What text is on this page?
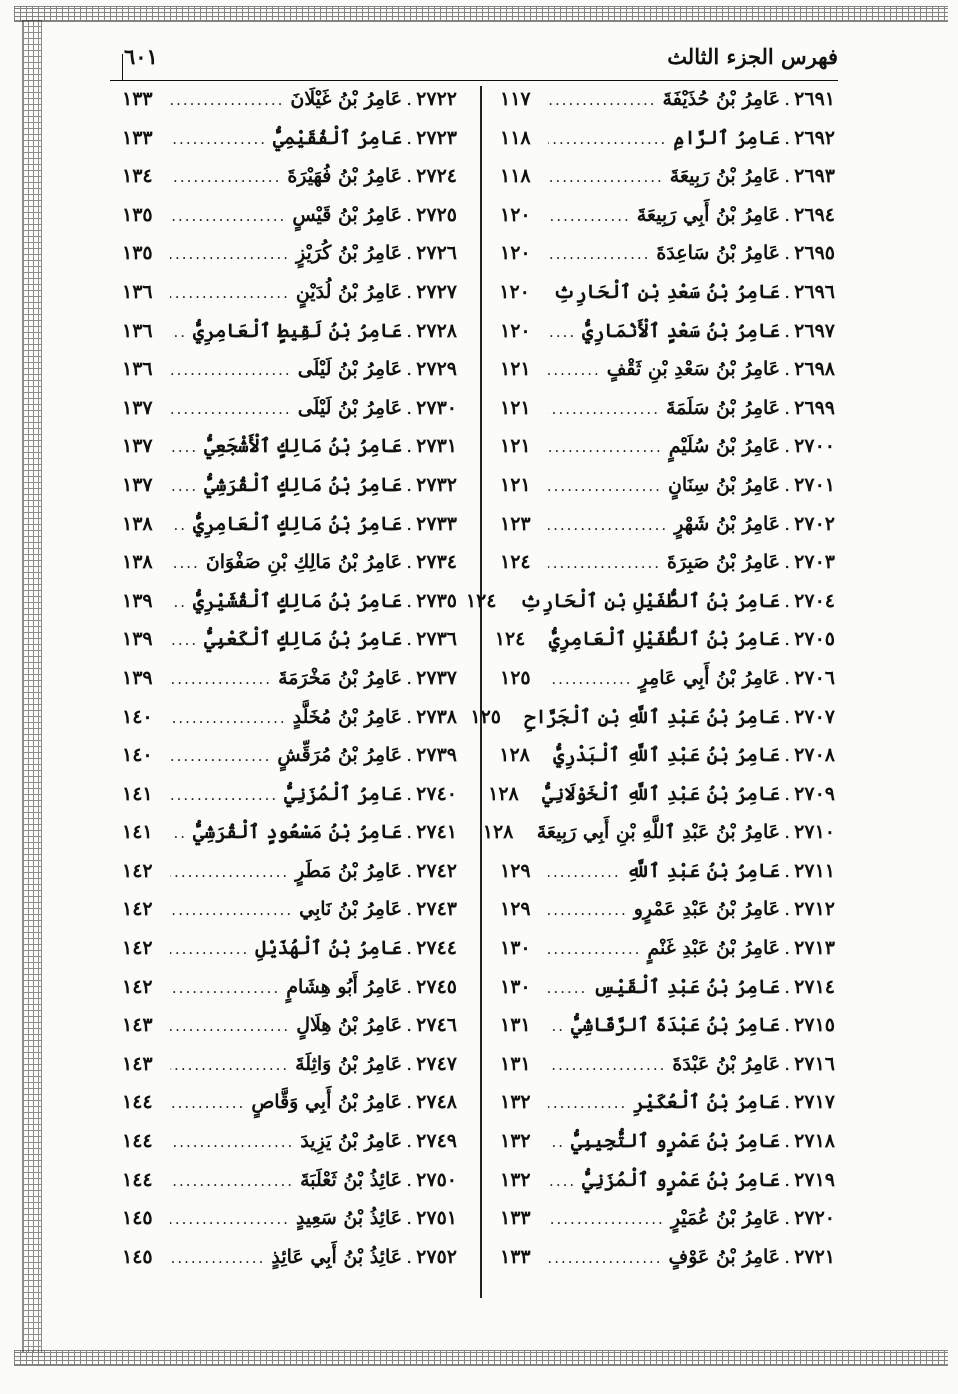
فهرس الجزء الثالث
٦٠١
٢٦٩١
.
عَامِرُ بْنُ حُذَيْفَةَ
.....
١١٧
٢٦٩٢
.
عَامِرُ ٱلرَّامِ
.....
١١٨
٢٦٩٣
.
عَامِرُ بْنُ رَبِيعَةَ
.....
١١٨
٢٦٩٤
.
عَامِرُ بْنُ أَبِي رَبِيعَةَ
.....
١٢٠
٢٦٩٥
.
عَامِرُ بْنُ سَاعِدَةَ
.....
١٢٠
٢٦٩٦
.
عَامِرُ بْنُ سَعْدِ بْنِ ٱلْحَارِثِ
١٢٠
٢٦٩٧
.
عَامِرُ بْنُ سَعْدٍ ٱلْأَنْمَارِيُّ
.....
١٢٠
٢٦٩٨
.
عَامِرُ بْنُ سَعْدِ بْنِ ثَقْفٍ
.....
١٢١
٢٦٩٩
.
عَامِرُ بْنُ سَلَمَةَ
.....
١٢١
٢٧٠٠
.
عَامِرُ بْنُ سُلَيْمٍ
.....
١٢١
٢٧٠١
.
عَامِرُ بْنُ سِنَانٍ
.....
١٢١
٢٧٠٢
.
عَامِرُ بْنُ شَهْرٍ
.....
١٢٣
٢٧٠٣
.
عَامِرُ بْنُ صَبِرَةَ
.....
١٢٤
٢٧٠٤
.
عَامِرُ بْنُ ٱلطُّفَيْلِ بْنِ ٱلْحَارِثِ
١٢٤
٢٧٠٥
.
عَامِرُ بْنُ ٱلطُّفَيْلِ ٱلْعَامِرِيُّ
١٢٤
٢٧٠٦
.
عَامِرُ بْنُ أَبِي عَامِرٍ
.....
١٢٥
٢٧٠٧
.
عَامِرُ بْنُ عَبْدِ ٱللَّهِ بْنِ ٱلْجَرَّاحِ
١٢٥
٢٧٠٨
.
عَامِرُ بْنُ عَبْدِ ٱللَّهِ ٱلْبَدْرِيُّ
١٢٨
٢٧٠٩
.
عَامِرُ بْنُ عَبْدِ ٱللَّهِ ٱلْخَوْلَانِيُّ
١٢٨
٢٧١٠
.
عَامِرُ بْنُ عَبْدِ ٱللَّهِ بْنِ أَبِي رَبِيعَةَ
١٢٨
٢٧١١
.
عَامِرُ بْنُ عَبْدِ ٱللَّهِ
.....
١٢٩
٢٧١٢
.
عَامِرُ بْنُ عَبْدِ عَمْرٍو
.....
١٢٩
٢٧١٣
.
عَامِرُ بْنُ عَبْدِ غَنْمٍ
.....
١٣٠
٢٧١٤
.
عَامِرُ بْنُ عَبْدِ ٱلْقَيْسِ
.....
١٣٠
٢٧١٥
.
عَامِرُ بْنُ عَبْدَةَ ٱلرَّقَاشِيُّ
.....
١٣١
٢٧١٦
.
عَامِرُ بْنُ عَبْدَةَ
.....
١٣١
٢٧١٧
.
عَامِرُ بْنُ ٱلْعُكَيْرِ
.....
١٣٢
٢٧١٨
.
عَامِرُ بْنُ عَمْرٍو ٱلتُّجِيبِيُّ
.....
١٣٢
٢٧١٩
.
عَامِرُ بْنُ عَمْرٍو ٱلْمُزَنِيُّ
.....
١٣٢
٢٧٢٠
.
عَامِرُ بْنُ عُمَيْرٍ
.....
١٣٣
٢٧٢١
.
عَامِرُ بْنُ عَوْفٍ
.....
١٣٣
٢٧٢٢
.
عَامِرُ بْنُ غَيْلَانَ
.....
١٣٣
٢٧٢٣
.
عَامِرُ ٱلْفُقَيْمِيُّ
.....
١٣٣
٢٧٢٤
.
عَامِرُ بْنُ فُهَيْرَةَ
.....
١٣٤
٢٧٢٥
.
عَامِرُ بْنُ قَيْسٍ
.....
١٣٥
٢٧٢٦
.
عَامِرُ بْنُ كُرَيْزٍ
.....
١٣٥
٢٧٢٧
.
عَامِرُ بْنُ لُدَيْنٍ
.....
١٣٦
٢٧٢٨
.
عَامِرُ بْنُ لَقِيطٍ ٱلْعَامِرِيُّ
.....
١٣٦
٢٧٢٩
.
عَامِرُ بْنُ لَيْلَى
.....
١٣٦
٢٧٣٠
.
عَامِرُ بْنُ لَيْلَى
.....
١٣٧
٢٧٣١
.
عَامِرُ بْنُ مَالِكٍ ٱلْأَشْجَعِيُّ
.....
١٣٧
٢٧٣٢
.
عَامِرُ بْنُ مَالِكٍ ٱلْقُرَشِيُّ
.....
١٣٧
٢٧٣٣
.
عَامِرُ بْنُ مَالِكٍ ٱلْعَامِرِيُّ
.....
١٣٨
٢٧٣٤
.
عَامِرُ بْنُ مَالِكِ بْنِ صَفْوَانَ
.....
١٣٨
٢٧٣٥
.
عَامِرُ بْنُ مَالِكٍ ٱلْقُشَيْرِيُّ
.....
١٣٩
٢٧٣٦
.
عَامِرُ بْنُ مَالِكٍ ٱلْكَعْبِيُّ
.....
١٣٩
٢٧٣٧
.
عَامِرُ بْنُ مَخْرَمَةَ
.....
١٣٩
٢٧٣٨
.
عَامِرُ بْنُ مُخَلَّدٍ
.....
١٤٠
٢٧٣٩
.
عَامِرُ بْنُ مُرَقِّشٍ
.....
١٤٠
٢٧٤٠
.
عَامِرُ ٱلْمُزَنِيُّ
.....
١٤١
٢٧٤١
.
عَامِرُ بْنُ مَسْعُودٍ ٱلْقُرَشِيُّ
.....
١٤١
٢٧٤٢
.
عَامِرُ بْنُ مَطَرٍ
.....
١٤٢
٢٧٤٣
.
عَامِرُ بْنُ نَابِي
.....
١٤٢
٢٧٤٤
.
عَامِرُ بْنُ ٱلْهُذَيْلِ
.....
١٤٢
٢٧٤٥
.
عَامِرُ أَبُو هِشَامٍ
.....
١٤٢
٢٧٤٦
.
عَامِرُ بْنُ هِلَالٍ
.....
١٤٣
٢٧٤٧
.
عَامِرُ بْنُ وَاثِلَةَ
.....
١٤٣
٢٧٤٨
.
عَامِرُ بْنُ أَبِي وَقَّاصٍ
.....
١٤٤
٢٧٤٩
.
عَامِرُ بْنُ يَزِيدَ
.....
١٤٤
٢٧٥٠
.
عَائِذُ بْنُ ثَعْلَبَةَ
.....
١٤٤
٢٧٥١
.
عَائِذُ بْنُ سَعِيدٍ
.....
١٤٥
٢٧٥٢
.
عَائِذُ بْنُ أَبِي عَائِذٍ
.....
١٤٥
